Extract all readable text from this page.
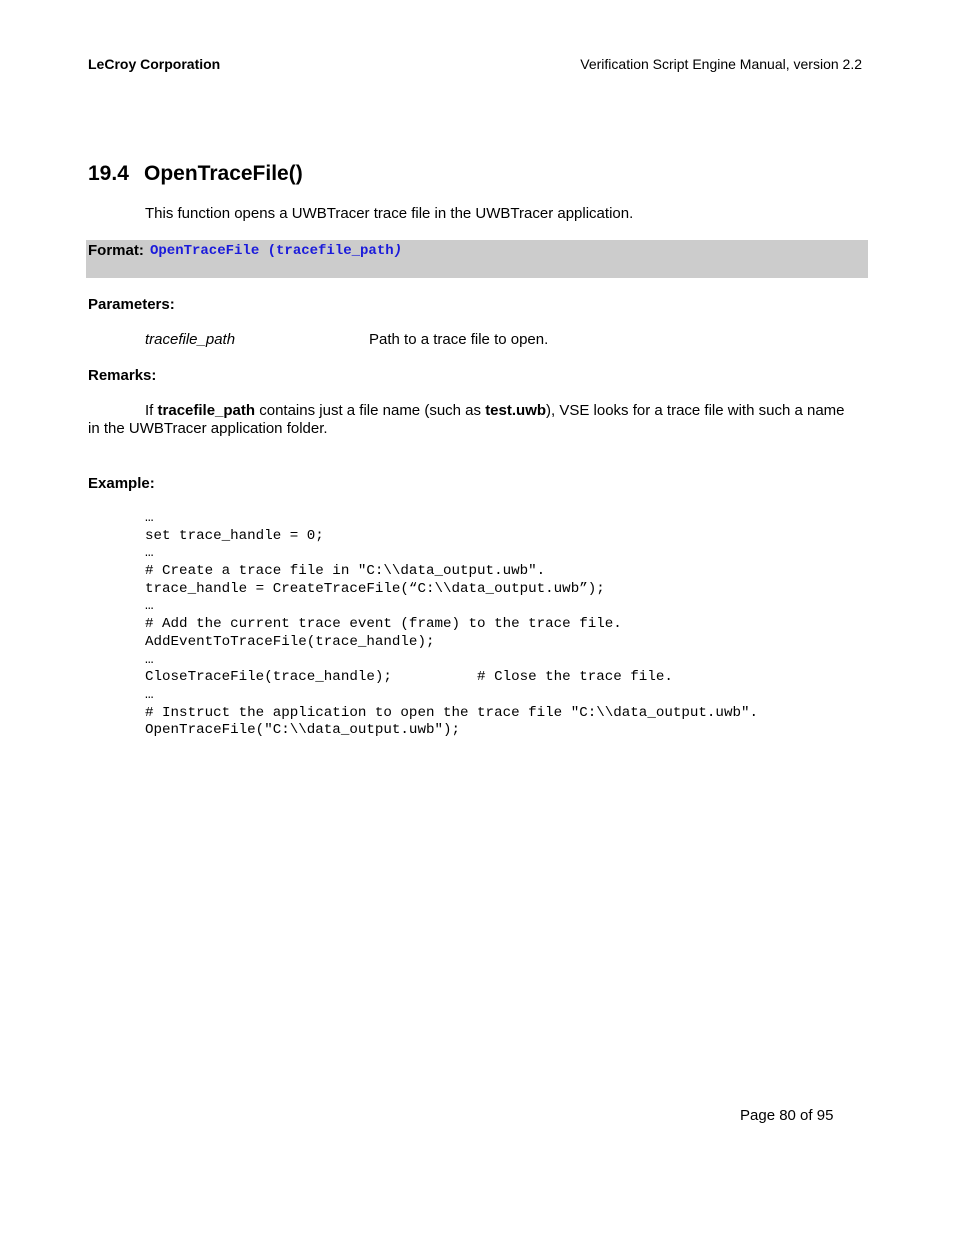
LeCroy Corporation	Verification Script Engine Manual, version 2.2
19.4 OpenTraceFile()
This function opens a UWBTracer trace file in the UWBTracer application.
Format: OpenTraceFile (tracefile_path)
Parameters:
tracefile_path	Path to a trace file to open.
Remarks:
If tracefile_path contains just a file name (such as test.uwb), VSE looks for a trace file with such a name in the UWBTracer application folder.
Example:
…
set trace_handle = 0;
…
# Create a trace file in "C:\\data_output.uwb".
trace_handle = CreateTraceFile(“C:\\data_output.uwb”);
…
# Add the current trace event (frame) to the trace file.
AddEventToTraceFile(trace_handle);
…
CloseTraceFile(trace_handle);          # Close the trace file.
…
# Instruct the application to open the trace file "C:\\data_output.uwb".
OpenTraceFile("C:\\data_output.uwb");
Page 80 of 95
